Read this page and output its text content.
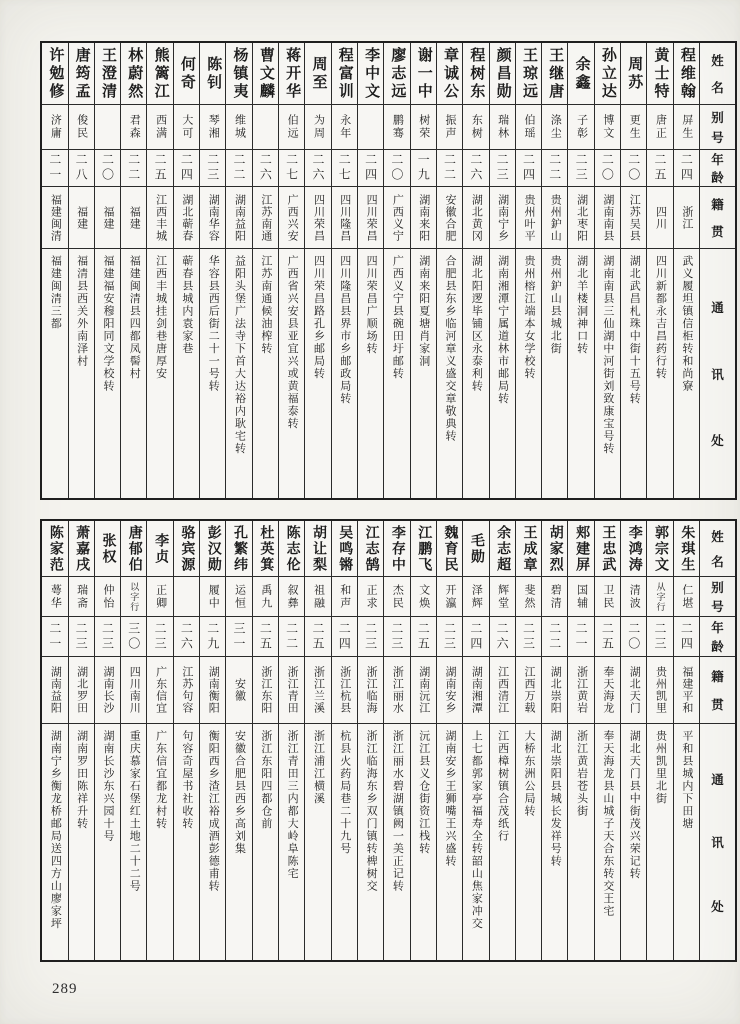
姓
名
别
号
年
龄
籍
贯
通
讯
处
程维翰
屏生
二四
浙江
武义履坦镇信柜转和尚寮
黄士特
唐正
二五
四川
四川新都永吉昌药行转
周苏
更生
二〇
江苏吴县
湖北武昌札珠中街十五号转
孙立达
博文
二〇
湖南南县
湖南南县三仙湖中河街刘致康宝号转
余鑫
子彰
二三
湖北枣阳
湖北羊楼洞神口转
王继唐
涤尘
二二
贵州鈩山
贵州鈩山县城北街
王琼远
伯瑶
二四
贵州叶平
贵州榕江端本女学校转
颜昌勋
瑞林
二三
湖南宁乡
湖南湘潭宁属道林市邮局转
程树东
东树
二六
湖北黄冈
湖北阳逻毕铺区永泰利转
章诚公
振声
二二
安徽合肥
合肥县东乡临河章义盛交章敬典转
谢一中
树荣
一九
湖南来阳
湖南来阳夏塘肖家洞
廖志远
鹏骞
二〇
广西义宁
广西义宁县碗田圩邮转
李中文
二四
四川荣昌
四川荣昌广顺场转
程富训
永年
二七
四川隆昌
四川隆昌县界市乡邮政局转
周至
为周
二六
四川荣昌
四川荣昌路孔乡邮局转
蒋开华
伯远
二七
广西兴安
广西省兴安县亚宜兴或黄福泰转
曹文麟
二六
江苏南通
江苏南通候油榨转
杨镇夷
维城
二二
湖南益阳
益阳头堡广法寺下首大达裕内耿宅转
陈钊
琴湘
二三
湖南华容
华容县西后街二十一号转
何奇
大可
二四
湖北蕲春
蕲春县城内袁家巷
熊篱江
西满
二五
江西丰城
江西丰城挂剑巷唐厚安
林蔚然
君森
二二
福建
福建闽清县四都凤髻村
王澄清
二〇
福建
福建福安穆阳同文学校转
唐筠孟
俊民
二八
福建
福清县西关外南泽村
许勉修
济庸
二一
福建闽清
福建闽清三都
姓
名
别
号
年
龄
籍
贯
通
讯
处
朱琪生
仁堪
二四
福建平和
平和县城内下田塘
郭宗文
从字行
二三
贵州凯里
贵州凯里北街
李鸿涛
清波
二〇
湖北天门
湖北天门县中街茂兴荣记转
王忠武
卫民
二五
奉天海龙
奉天海龙县山城子天合东转交王宅
郏建屏
国辅
二一
浙江黄岩
浙江黄岩苍头街
胡家烈
碧清
二二
湖北崇阳
湖北崇阳县城长发祥号转
王成章
斐然
二三
江西万载
大桥东洲公局转
余志超
辉堂
二六
江西清江
江西樟树镇合茂纸行
毛勋
泽辉
二四
湖南湘潭
上七都郭家亭福寿全转韶山焦家冲交
魏育民
开瀛
二三
湖南安乡
湖南安乡王狮嘴王兴盛转
江鹏飞
文焕
二五
湖南沅江
沅江县义仓街资江栈转
李存中
杰民
二三
浙江丽水
浙江丽水碧湖镇阙一美正记转
江志鹄
正求
二三
浙江临海
浙江临海东乡双门镇转椑树交
吴鸣锵
和声
二四
浙江杭县
杭县火药局巷二十九号
胡让梨
祖融
二五
浙江兰溪
浙江浦江横溪
陈志伦
叙彝
二二
浙江青田
浙江青田三内都大岭阜陈宅
杜英箕
禹九
二五
浙江东阳
浙江东阳四都仓前
孔繁纬
运恒
三一
安徽
安徽合肥县西乡高刘集
彭汉勋
履中
二九
湖南衡阳
衡阳西乡渣江裕成酒彭德甫转
骆宾源
二六
江苏句容
句容奇屋书社收转
李贞
正卿
二三
广东信宜
广东信宜都龙村转
唐郁伯
以字行
三〇
四川南川
重庆慕家石堡红土地二十二号
张权
仲怡
二三
湖南长沙
湖南长沙东兴园十号
萧嘉戌
瑞斋
二三
湖北罗田
湖南罗田陈祥升转
陈家范
蕚华
二一
湖南益阳
湖南宁乡衡龙桥邮局送四方山廖家坪
289
